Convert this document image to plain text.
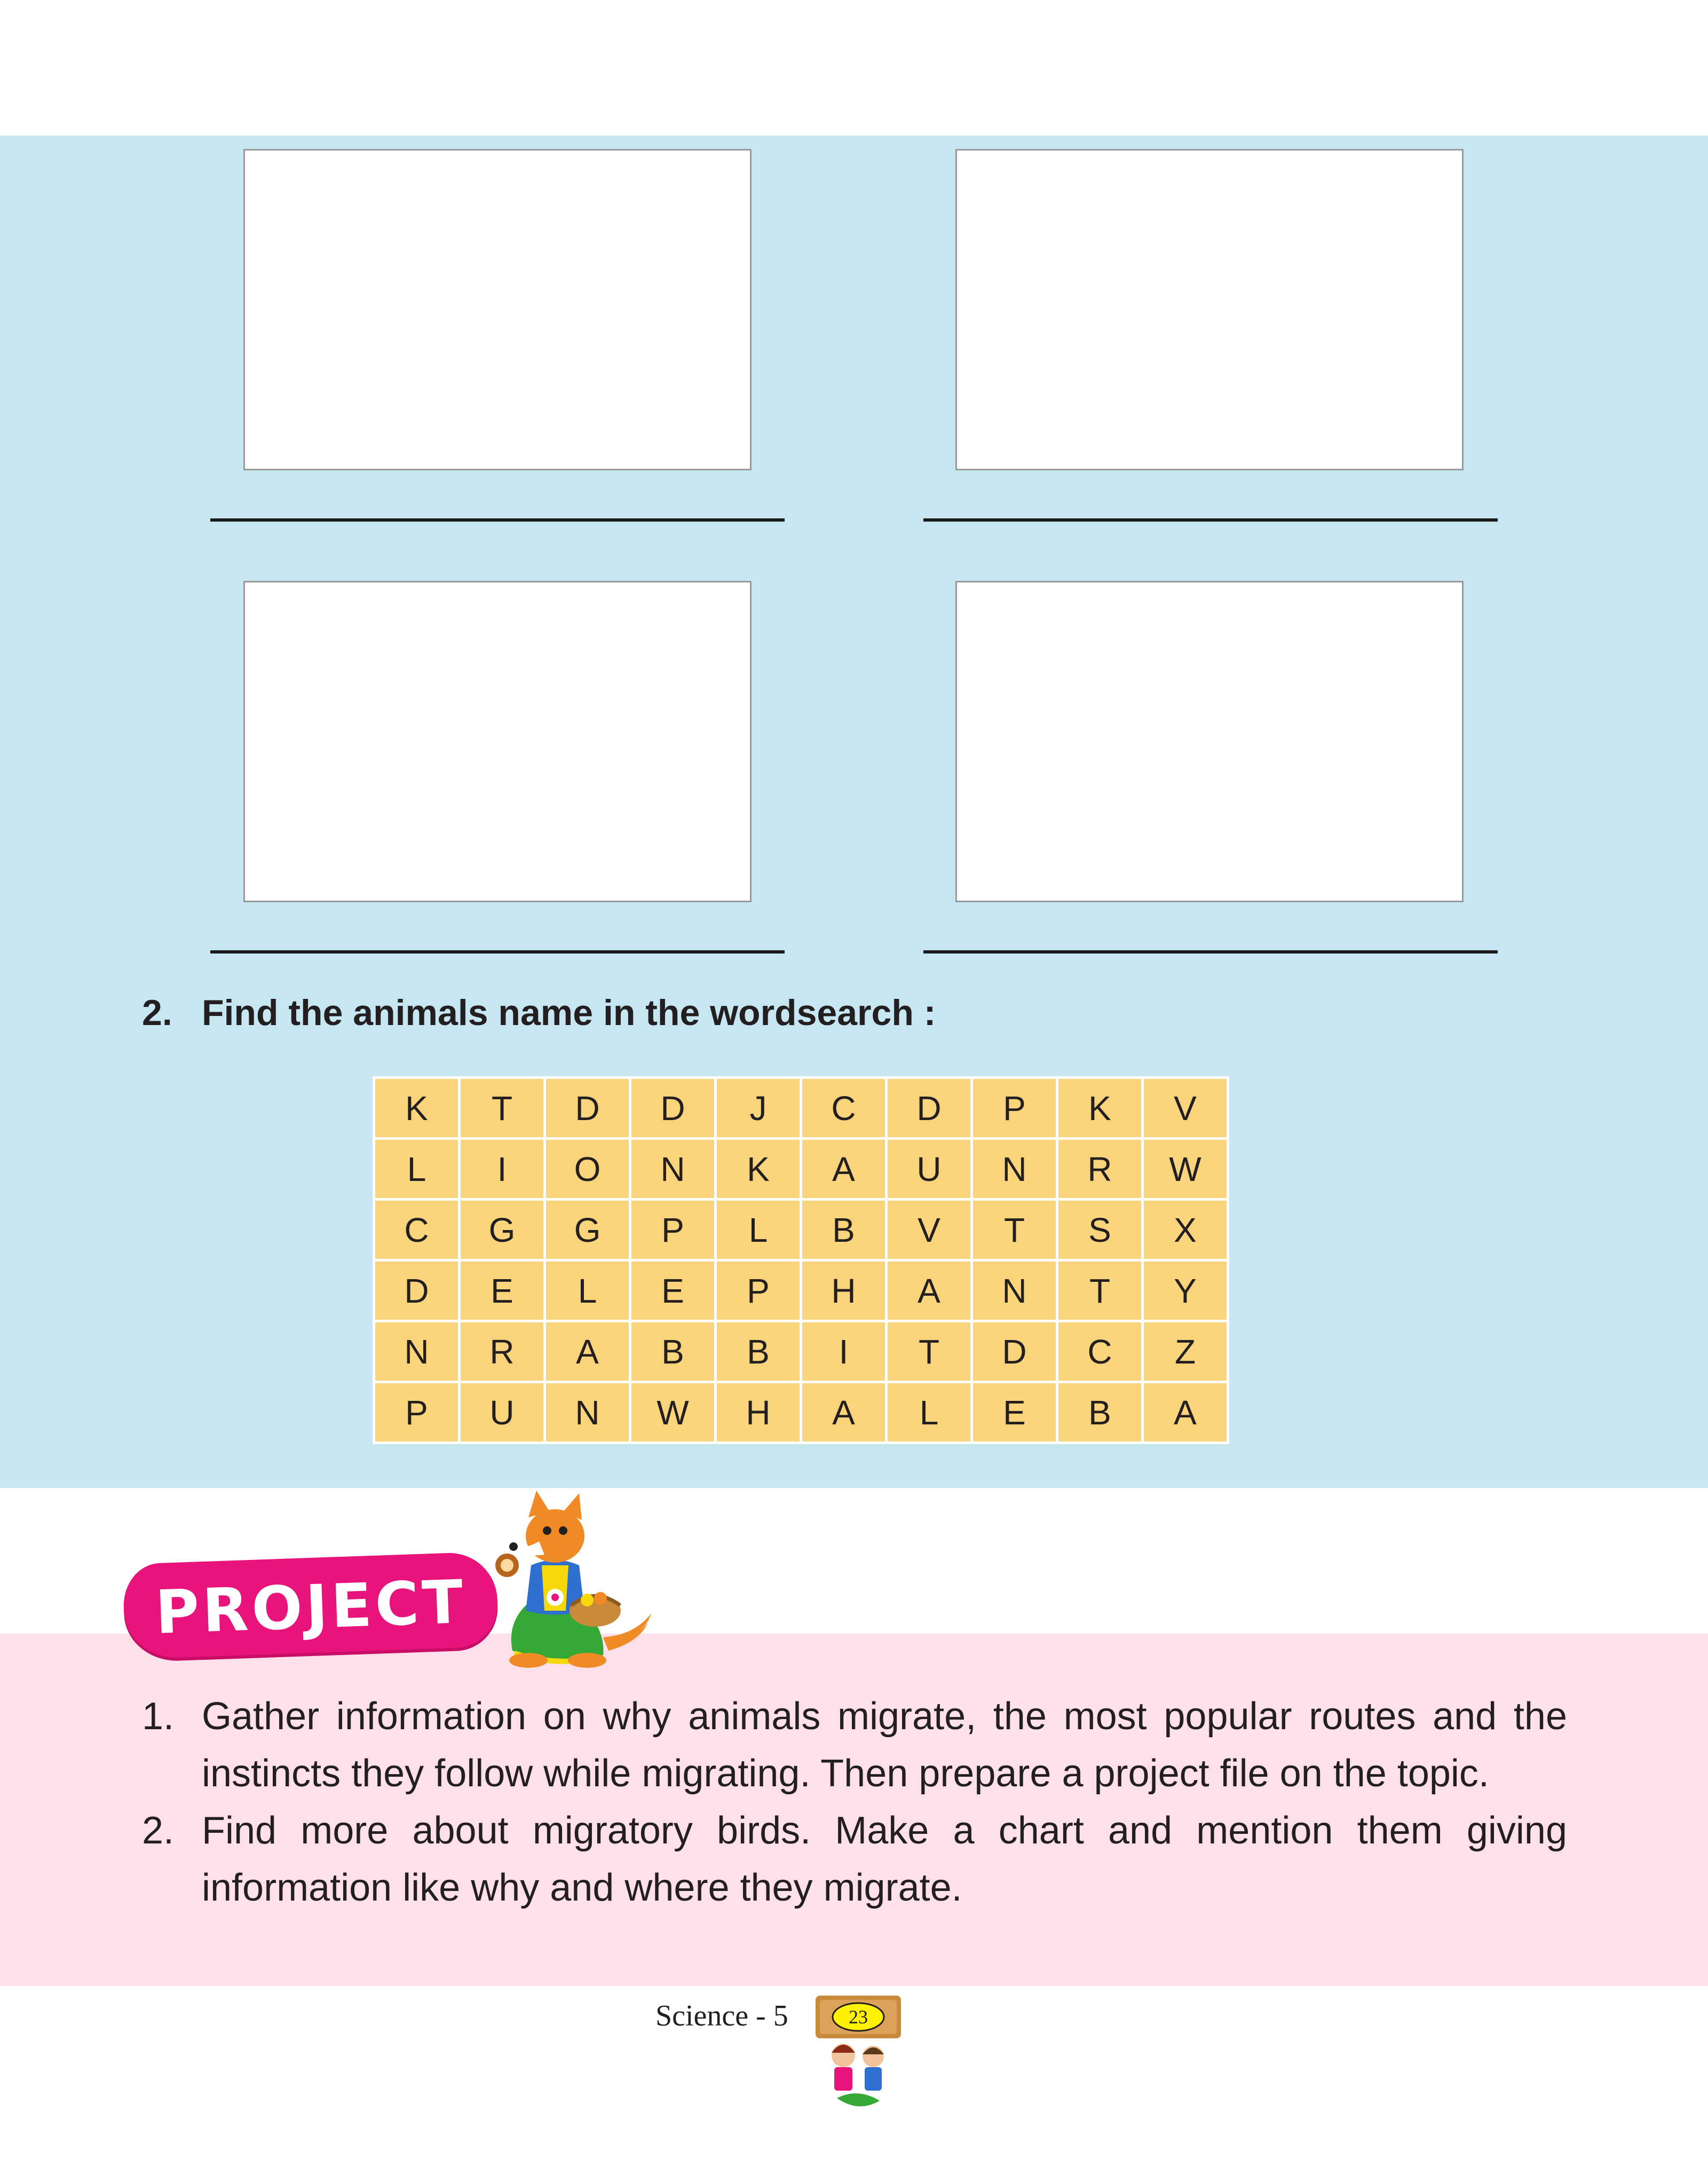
2. Find the animals name in the wordsearch :
K	T	D	D	J	C	D	P	K	V
L	I	O	N	K	A	U	N	R	W
C	G	G	P	L	B	V	T	S	X
D	E	L	E	P	H	A	N	T	Y
N	R	A	B	B	I	T	D	C	Z
P	U	N	W	H	A	L	E	B	A
PROJECT
1. Gather information on why animals migrate, the most popular routes and the instincts they follow while migrating. Then prepare a project file on the topic.
2. Find more about migratory birds. Make a chart and mention them giving information like why and where they migrate.
Science - 5	23
